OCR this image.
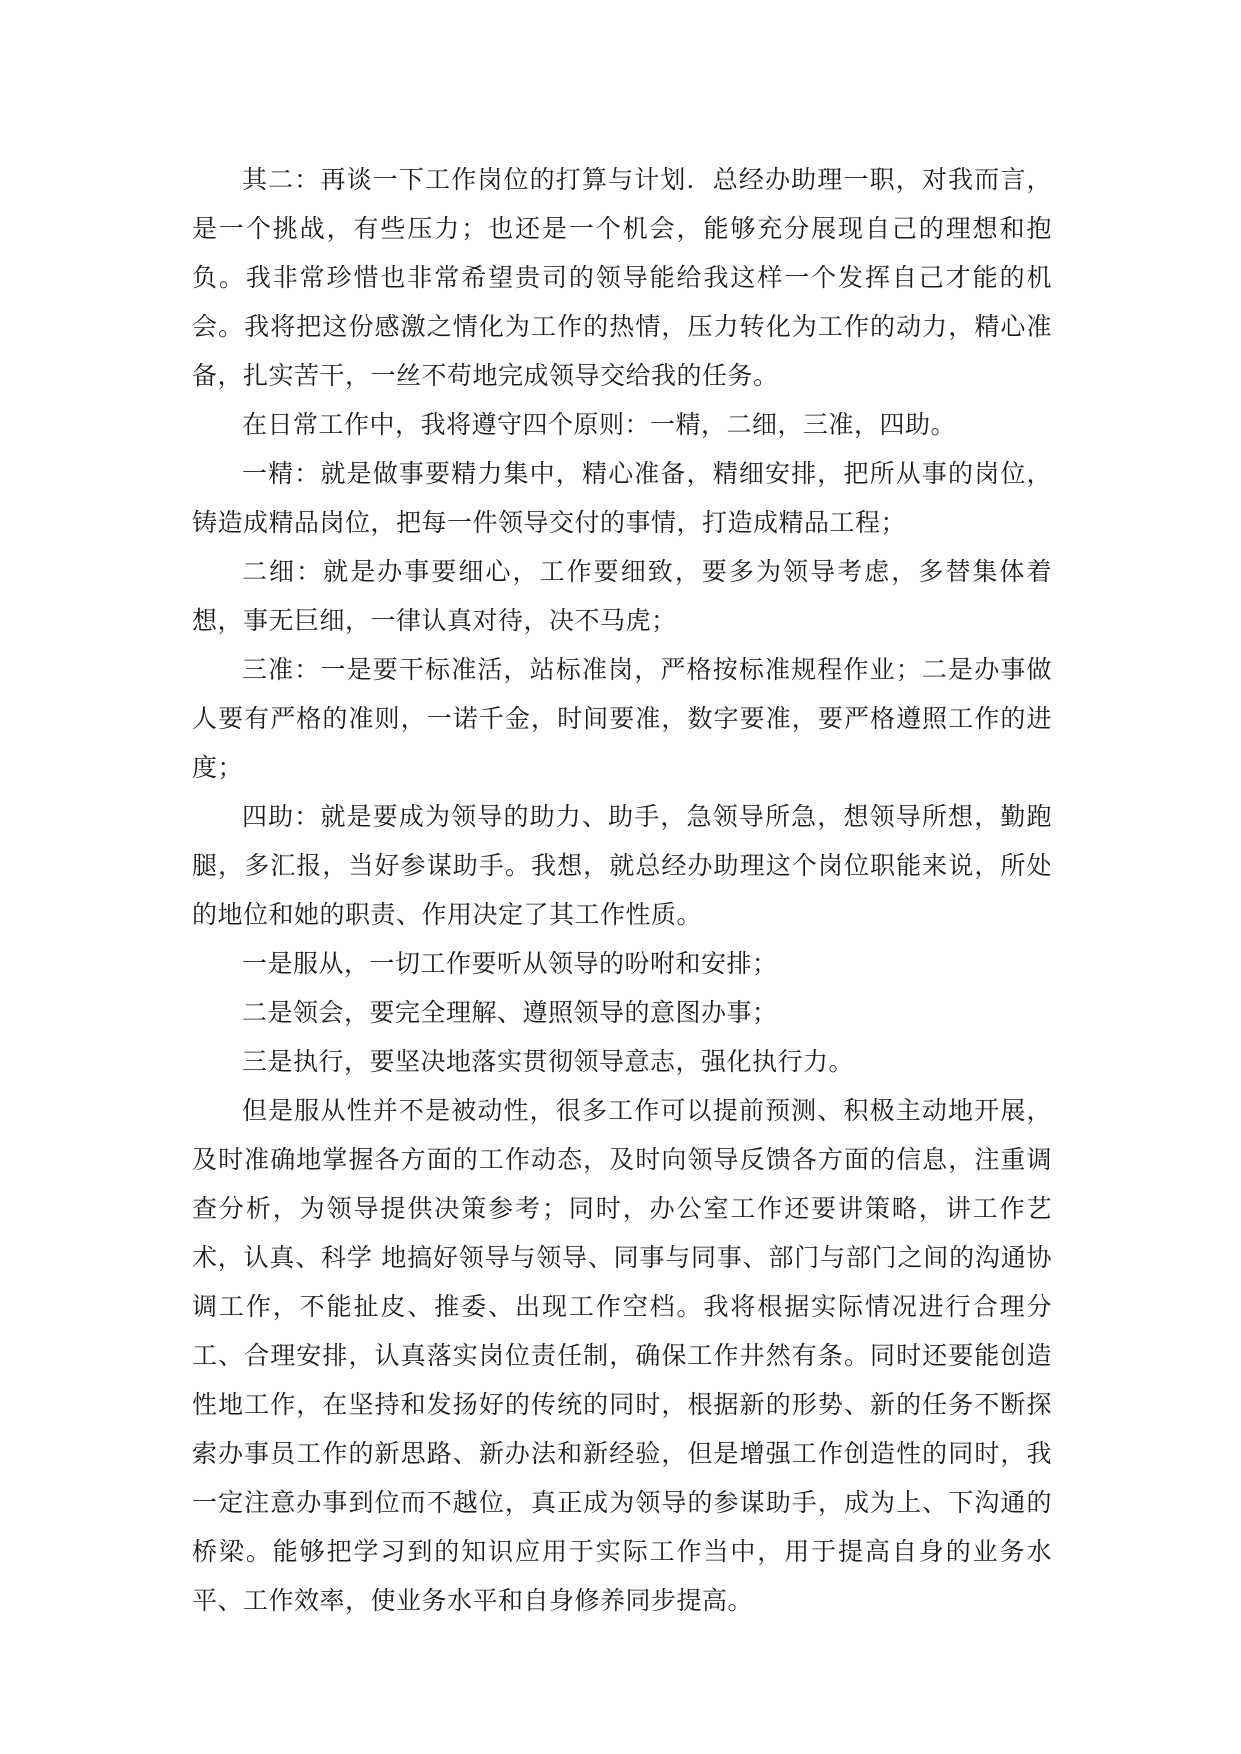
其二：再谈一下工作岗位的打算与计划．总经办助理一职，对我而言，是一个挑战，有些压力；也还是一个机会，能够充分展现自己的理想和抱负。我非常珍惜也非常希望贵司的领导能给我这样一个发挥自己才能的机会。我将把这份感激之情化为工作的热情，压力转化为工作的动力，精心准备，扎实苦干，一丝不苟地完成领导交给我的任务。

在日常工作中，我将遵守四个原则：一精，二细，三准，四助。

一精：就是做事要精力集中，精心准备，精细安排，把所从事的岗位，铸造成精品岗位，把每一件领导交付的事情，打造成精品工程；

二细：就是办事要细心，工作要细致，要多为领导考虑，多替集体着想，事无巨细，一律认真对待，决不马虎；

三准：一是要干标准活，站标准岗，严格按标准规程作业；二是办事做人要有严格的准则，一诺千金，时间要准，数字要准，要严格遵照工作的进度；

四助：就是要成为领导的助力、助手，急领导所急，想领导所想，勤跑腿，多汇报，当好参谋助手。我想，就总经办助理这个岗位职能来说，所处的地位和她的职责、作用决定了其工作性质。

一是服从，一切工作要听从领导的吩咐和安排；

二是领会，要完全理解、遵照领导的意图办事；

三是执行，要坚决地落实贯彻领导意志，强化执行力。

但是服从性并不是被动性，很多工作可以提前预测、积极主动地开展，及时准确地掌握各方面的工作动态，及时向领导反馈各方面的信息，注重调查分析，为领导提供决策参考；同时，办公室工作还要讲策略，讲工作艺术，认真、科学 地搞好领导与领导、同事与同事、部门与部门之间的沟通协调工作，不能扯皮、推委、出现工作空档。我将根据实际情况进行合理分工、合理安排，认真落实岗位责任制，确保工作井然有条。同时还要能创造性地工作，在坚持和发扬好的传统的同时，根据新的形势、新的任务不断探索办事员工作的新思路、新办法和新经验，但是增强工作创造性的同时，我一定注意办事到位而不越位，真正成为领导的参谋助手，成为上、下沟通的桥梁。能够把学习到的知识应用于实际工作当中，用于提高自身的业务水平、工作效率，使业务水平和自身修养同步提高。
